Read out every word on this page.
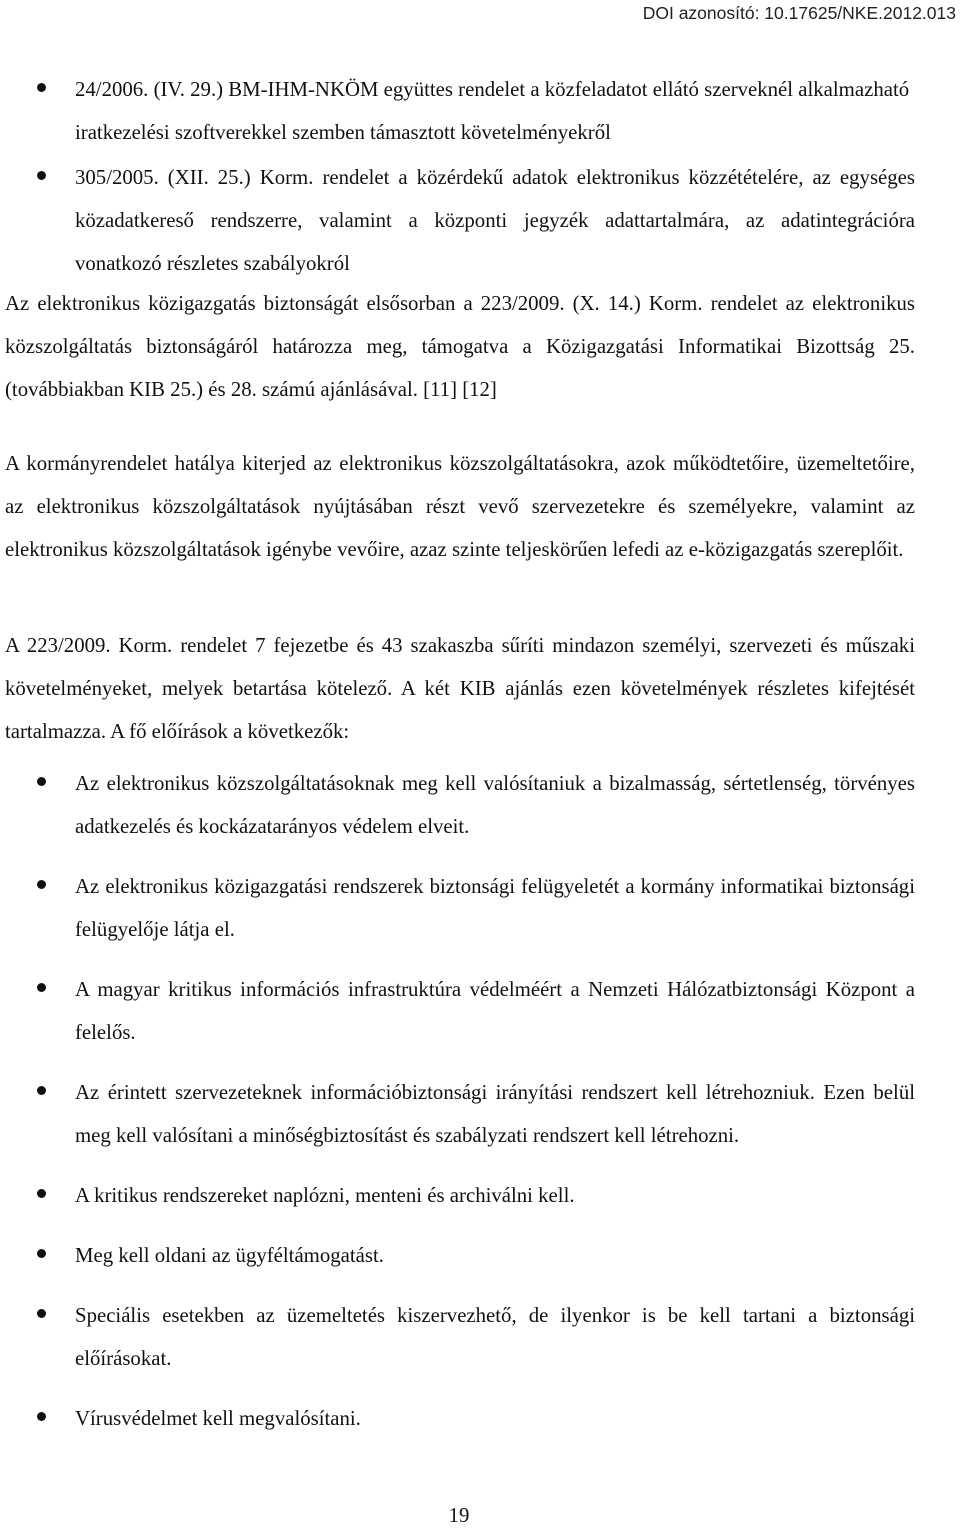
DOI azonosító: 10.17625/NKE.2012.013
24/2006. (IV. 29.) BM-IHM-NKÖM együttes rendelet a közfeladatot ellátó szerveknél alkalmazható iratkezelési szoftverekkel szemben támasztott követelményekről
305/2005. (XII. 25.) Korm. rendelet a közérdekű adatok elektronikus közzétételére, az egységes közadatkereső rendszerre, valamint a központi jegyzék adattartalmára, az adatintegrációra vonatkozó részletes szabályokról

Az elektronikus közigazgatás biztonságát elsősorban a 223/2009. (X. 14.) Korm. rendelet az elektronikus közszolgáltatás biztonságáról határozza meg, támogatva a Közigazgatási Informatikai Bizottság 25. (továbbiakban KIB 25.) és 28. számú ajánlásával. [11] [12]

A kormányrendelet hatálya kiterjed az elektronikus közszolgáltatásokra, azok működtetőire, üzemeltetőire, az elektronikus közszolgáltatások nyújtásában részt vevő szervezetekre és személyekre, valamint az elektronikus közszolgáltatások igénybe vevőire, azaz szinte teljeskörűen lefedi az e-közigazgatás szereplőit.

A 223/2009. Korm. rendelet 7 fejezetbe és 43 szakaszba sűríti mindazon személyi, szervezeti és műszaki követelményeket, melyek betartása kötelező. A két KIB ajánlás ezen követelmények részletes kifejtését tartalmazza. A fő előírások a következők:

Az elektronikus közszolgáltatásoknak meg kell valósítaniuk a bizalmasság, sértetlenség, törvényes adatkezelés és kockázatarányos védelem elveit.
Az elektronikus közigazgatási rendszerek biztonsági felügyeletét a kormány informatikai biztonsági felügyelője látja el.
A magyar kritikus információs infrastruktúra védelméért a Nemzeti Hálózatbiztonsági Központ a felelős.
Az érintett szervezeteknek információbiztonsági irányítási rendszert kell létrehozniuk. Ezen belül meg kell valósítani a minőségbiztosítást és szabályzati rendszert kell létrehozni.
A kritikus rendszereket naplózni, menteni és archiválni kell.
Meg kell oldani az ügyféltámogatást.
Speciális esetekben az üzemeltetés kiszervezhető, de ilyenkor is be kell tartani a biztonsági előírásokat.
Vírusvédelmet kell megvalósítani.
19
